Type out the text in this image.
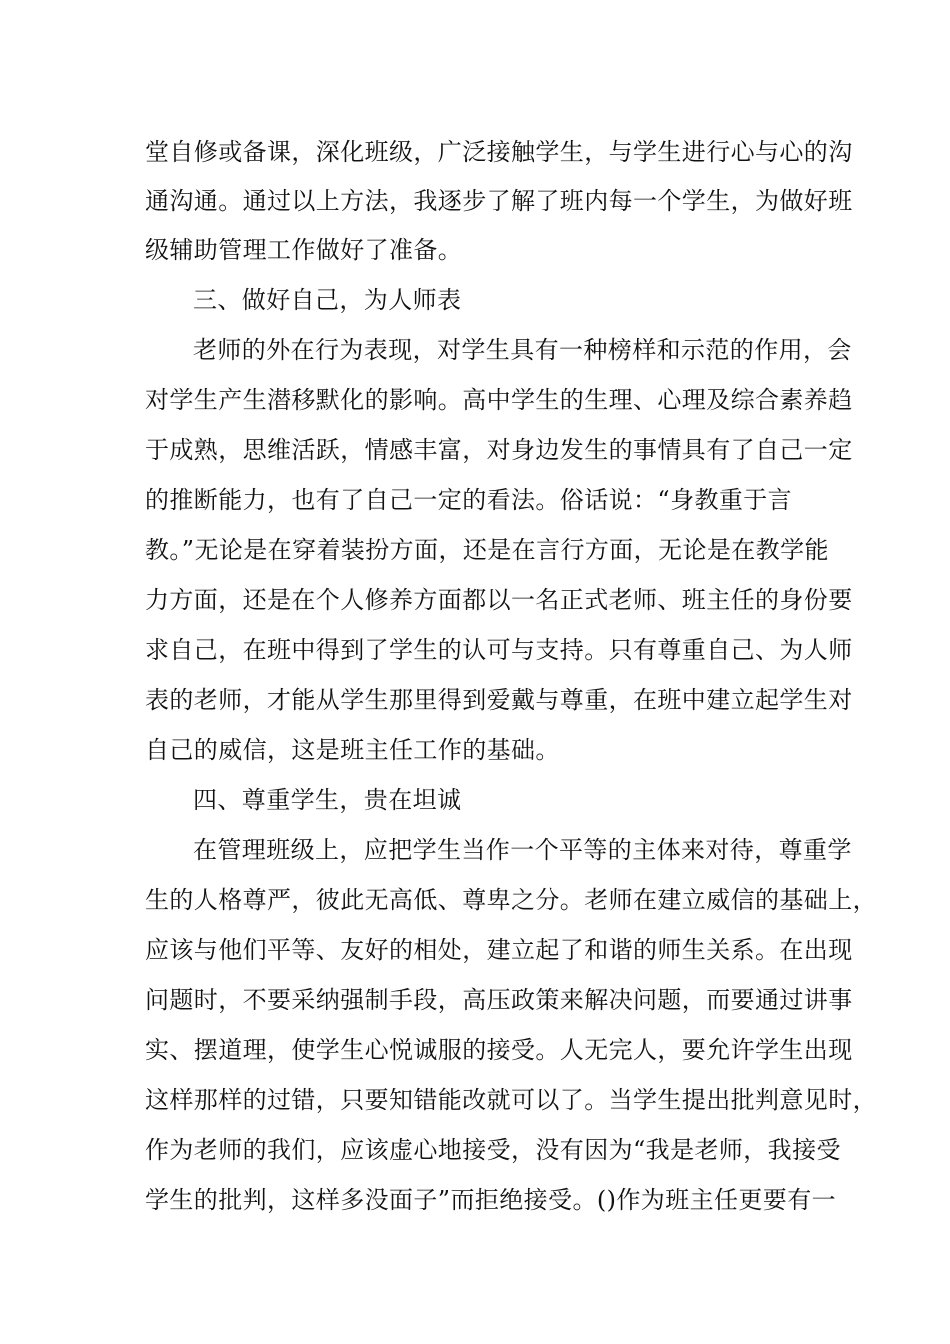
堂自修或备课，深化班级，广泛接触学生，与学生进行心与心的沟
通沟通。通过以上方法，我逐步了解了班内每一个学生，为做好班
级辅助管理工作做好了准备。
三、做好自己，为人师表
老师的外在行为表现，对学生具有一种榜样和示范的作用，会
对学生产生潜移默化的影响。高中学生的生理、心理及综合素养趋
于成熟，思维活跃，情感丰富，对身边发生的事情具有了自己一定
的推断能力，也有了自己一定的看法。俗话说：“身教重于言
教。”无论是在穿着装扮方面，还是在言行方面，无论是在教学能
力方面，还是在个人修养方面都以一名正式老师、班主任的身份要
求自己，在班中得到了学生的认可与支持。只有尊重自己、为人师
表的老师，才能从学生那里得到爱戴与尊重，在班中建立起学生对
自己的威信，这是班主任工作的基础。
四、尊重学生，贵在坦诚
在管理班级上，应把学生当作一个平等的主体来对待，尊重学
生的人格尊严，彼此无高低、尊卑之分。老师在建立威信的基础上，
应该与他们平等、友好的相处，建立起了和谐的师生关系。在出现
问题时，不要采纳强制手段，高压政策来解决问题，而要通过讲事
实、摆道理，使学生心悦诚服的接受。人无完人，要允许学生出现
这样那样的过错，只要知错能改就可以了。当学生提出批判意见时，
作为老师的我们，应该虚心地接受，没有因为“我是老师，我接受
学生的批判，这样多没面子”而拒绝接受。()作为班主任更要有一
